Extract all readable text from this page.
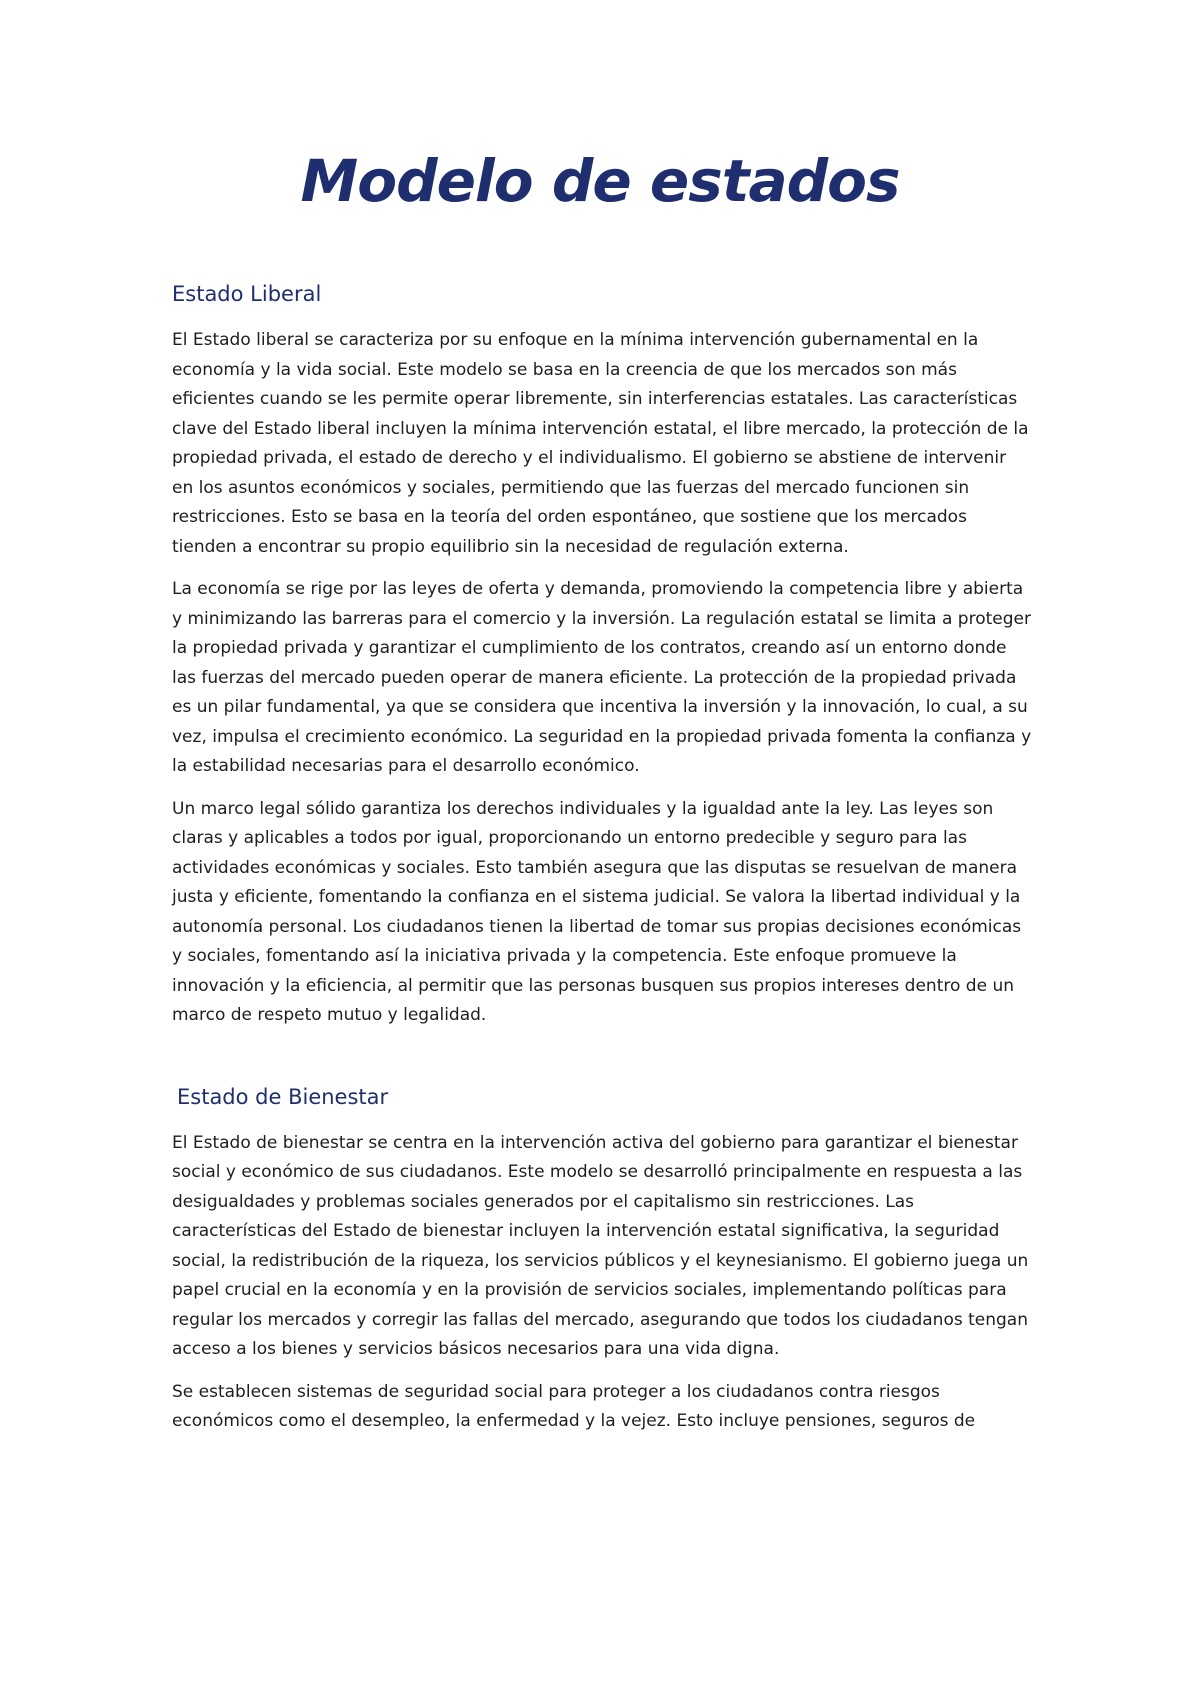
Modelo de estados
Estado Liberal

El Estado liberal se caracteriza por su enfoque en la mínima intervención gubernamental en la economía y la vida social. Este modelo se basa en la creencia de que los mercados son más eficientes cuando se les permite operar libremente, sin interferencias estatales. Las características clave del Estado liberal incluyen la mínima intervención estatal, el libre mercado, la protección de la propiedad privada, el estado de derecho y el individualismo. El gobierno se abstiene de intervenir en los asuntos económicos y sociales, permitiendo que las fuerzas del mercado funcionen sin restricciones. Esto se basa en la teoría del orden espontáneo, que sostiene que los mercados tienden a encontrar su propio equilibrio sin la necesidad de regulación externa.

La economía se rige por las leyes de oferta y demanda, promoviendo la competencia libre y abierta y minimizando las barreras para el comercio y la inversión. La regulación estatal se limita a proteger la propiedad privada y garantizar el cumplimiento de los contratos, creando así un entorno donde las fuerzas del mercado pueden operar de manera eficiente. La protección de la propiedad privada es un pilar fundamental, ya que se considera que incentiva la inversión y la innovación, lo cual, a su vez, impulsa el crecimiento económico. La seguridad en la propiedad privada fomenta la confianza y la estabilidad necesarias para el desarrollo económico.

Un marco legal sólido garantiza los derechos individuales y la igualdad ante la ley. Las leyes son claras y aplicables a todos por igual, proporcionando un entorno predecible y seguro para las actividades económicas y sociales. Esto también asegura que las disputas se resuelvan de manera justa y eficiente, fomentando la confianza en el sistema judicial. Se valora la libertad individual y la autonomía personal. Los ciudadanos tienen la libertad de tomar sus propias decisiones económicas y sociales, fomentando así la iniciativa privada y la competencia. Este enfoque promueve la innovación y la eficiencia, al permitir que las personas busquen sus propios intereses dentro de un marco de respeto mutuo y legalidad.

Estado de Bienestar

El Estado de bienestar se centra en la intervención activa del gobierno para garantizar el bienestar social y económico de sus ciudadanos. Este modelo se desarrolló principalmente en respuesta a las desigualdades y problemas sociales generados por el capitalismo sin restricciones. Las características del Estado de bienestar incluyen la intervención estatal significativa, la seguridad social, la redistribución de la riqueza, los servicios públicos y el keynesianismo. El gobierno juega un papel crucial en la economía y en la provisión de servicios sociales, implementando políticas para regular los mercados y corregir las fallas del mercado, asegurando que todos los ciudadanos tengan acceso a los bienes y servicios básicos necesarios para una vida digna.

Se establecen sistemas de seguridad social para proteger a los ciudadanos contra riesgos económicos como el desempleo, la enfermedad y la vejez. Esto incluye pensiones, seguros de
